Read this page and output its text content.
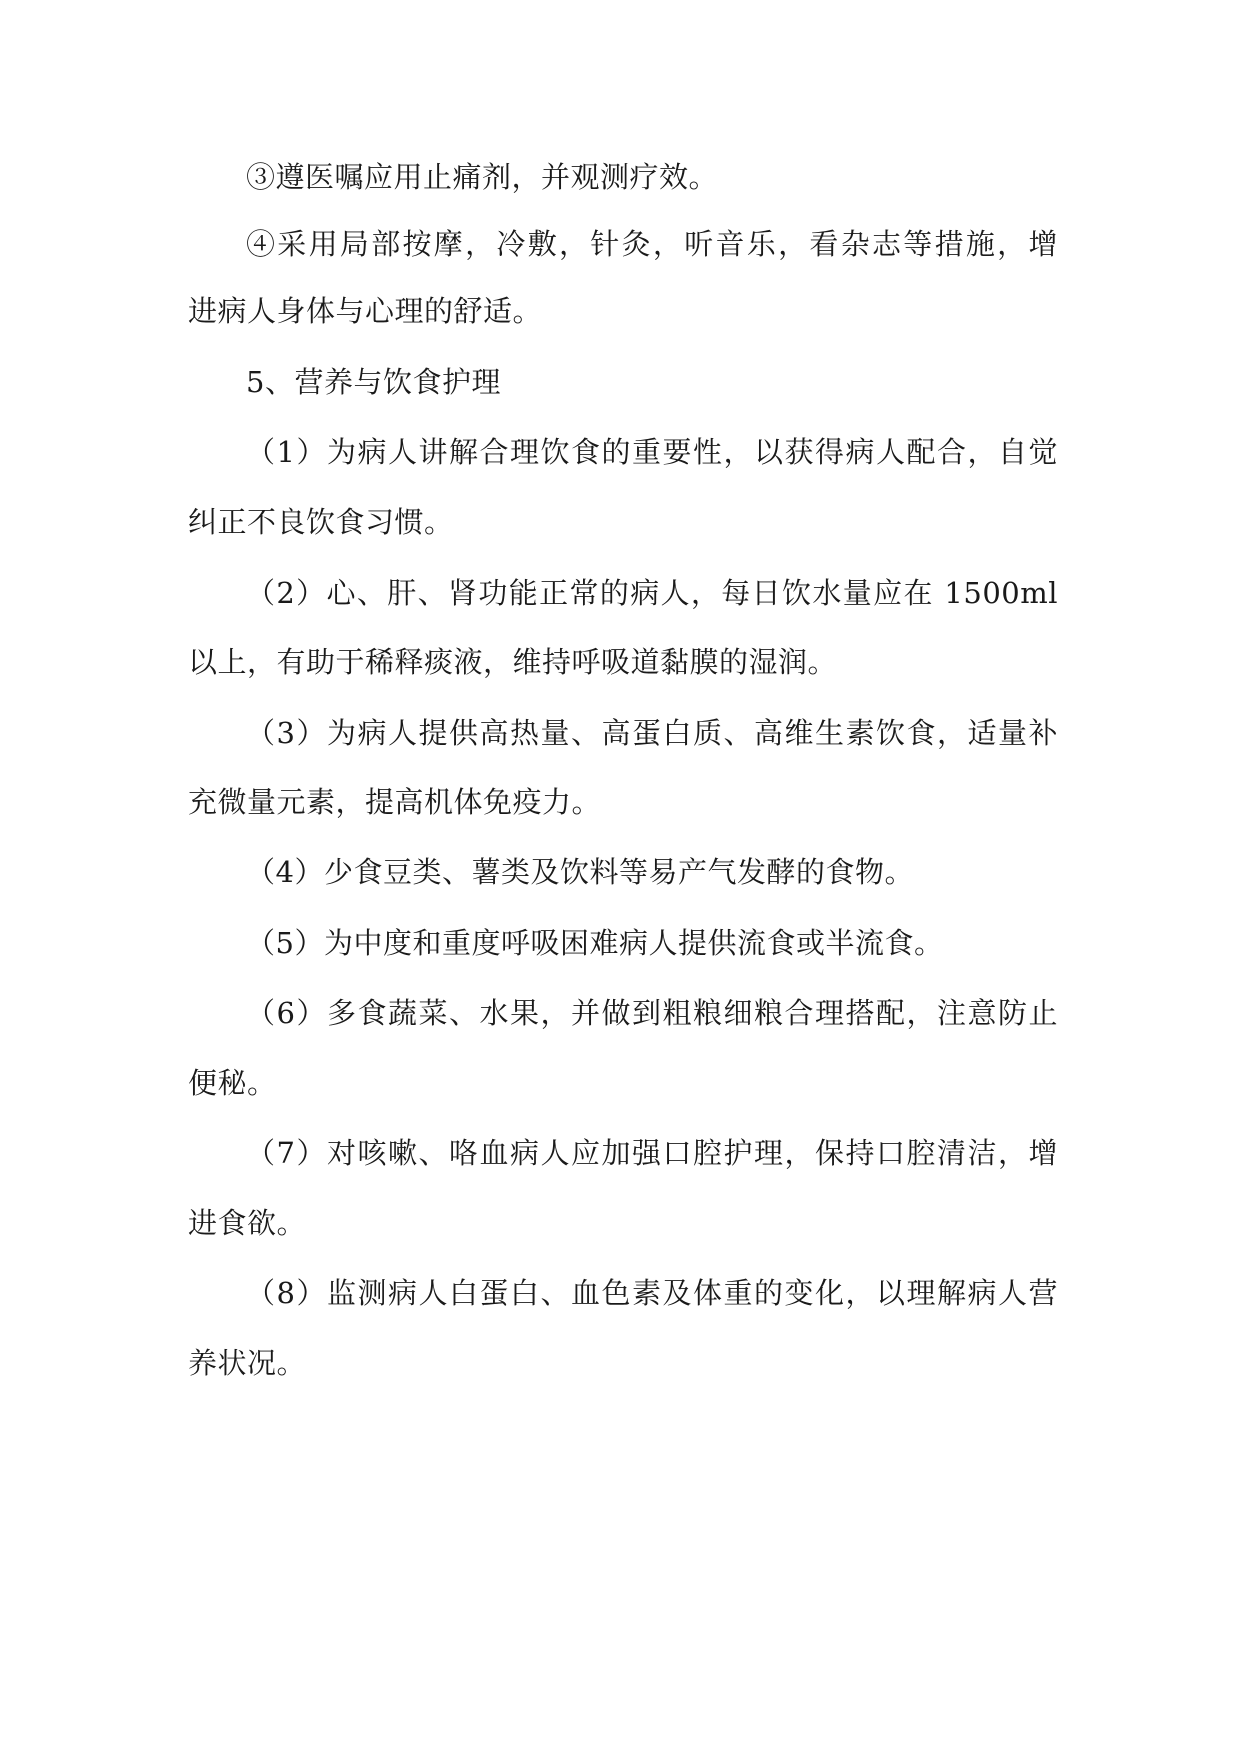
③遵医嘱应用止痛剂，并观测疗效。
④采用局部按摩，冷敷，针灸，听音乐，看杂志等措施，增
进病人身体与心理的舒适。
5、营养与饮食护理
（1）为病人讲解合理饮食的重要性，以获得病人配合，自觉
纠正不良饮食习惯。
（2）心、肝、肾功能正常的病人，每日饮水量应在 1500ml
以上，有助于稀释痰液，维持呼吸道黏膜的湿润。
（3）为病人提供高热量、高蛋白质、高维生素饮食，适量补
充微量元素，提高机体免疫力。
（4）少食豆类、薯类及饮料等易产气发酵的食物。
（5）为中度和重度呼吸困难病人提供流食或半流食。
（6）多食蔬菜、水果，并做到粗粮细粮合理搭配，注意防止
便秘。
（7）对咳嗽、咯血病人应加强口腔护理，保持口腔清洁，增
进食欲。
（8）监测病人白蛋白、血色素及体重的变化，以理解病人营
养状况。
